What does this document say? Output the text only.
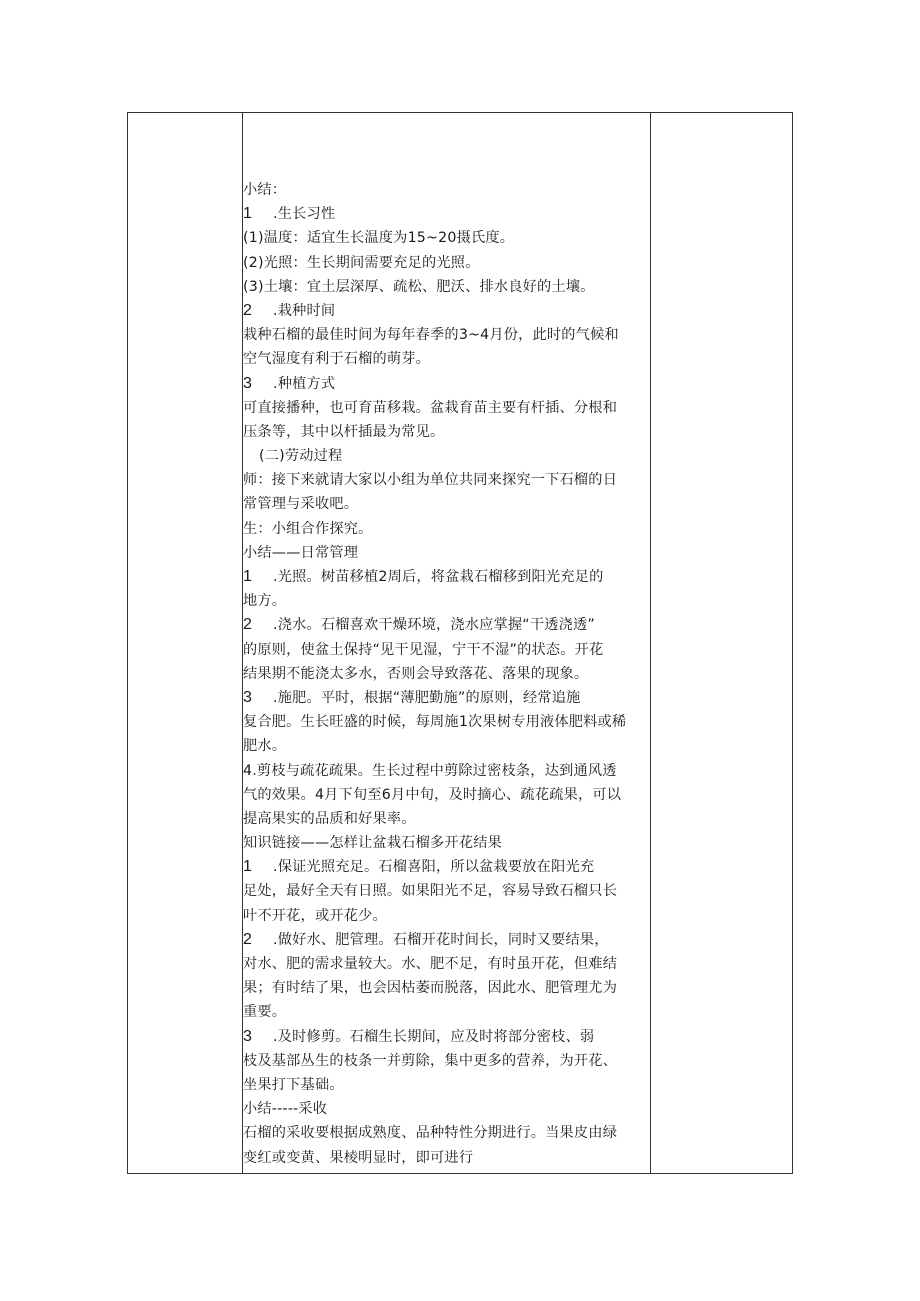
小结：
1 .生长习性
(1)温度：适宜生长温度为15~20摄氏度。
(2)光照：生长期间需要充足的光照。
(3)土壤：宜土层深厚、疏松、肥沃、排水良好的土壤。
2 .栽种时间
栽种石榴的最佳时间为每年春季的3~4月份，此时的气候和
空气湿度有利于石榴的萌芽。
3 .种植方式
可直接播种，也可育苗移栽。盆栽育苗主要有杆插、分根和
压条等，其中以杆插最为常见。
(二)劳动过程
师：接下来就请大家以小组为单位共同来探究一下石榴的日
常管理与采收吧。
生：小组合作探究。
小结——日常管理
1 .光照。树苗移植2周后，将盆栽石榴移到阳光充足的
地方。
2 .浇水。石榴喜欢干燥环境，浇水应掌握“干透浇透”
的原则，使盆土保持“见干见湿，宁干不湿”的状态。开花
结果期不能浇太多水，否则会导致落花、落果的现象。
3 .施肥。平时，根据“薄肥勤施”的原则，经常追施
复合肥。生长旺盛的时候，每周施1次果树专用液体肥料或稀
肥水。
4.剪枝与疏花疏果。生长过程中剪除过密枝条，达到通风透
气的效果。4月下旬至6月中旬，及时摘心、疏花疏果，可以
提高果实的品质和好果率。
知识链接——怎样让盆栽石榴多开花结果
1 .保证光照充足。石榴喜阳，所以盆栽要放在阳光充
足处，最好全天有日照。如果阳光不足，容易导致石榴只长
叶不开花，或开花少。
2 .做好水、肥管理。石榴开花时间长，同时又要结果，
对水、肥的需求量较大。水、肥不足，有时虽开花，但难结
果；有时结了果，也会因枯萎而脱落，因此水、肥管理尤为
重要。
3 .及时修剪。石榴生长期间，应及时将部分密枝、弱
枝及基部丛生的枝条一并剪除，集中更多的营养，为开花、
坐果打下基础。
小结-----采收
石榴的采收要根据成熟度、品种特性分期进行。当果皮由绿
变红或变黄、果棱明显时，即可进行
